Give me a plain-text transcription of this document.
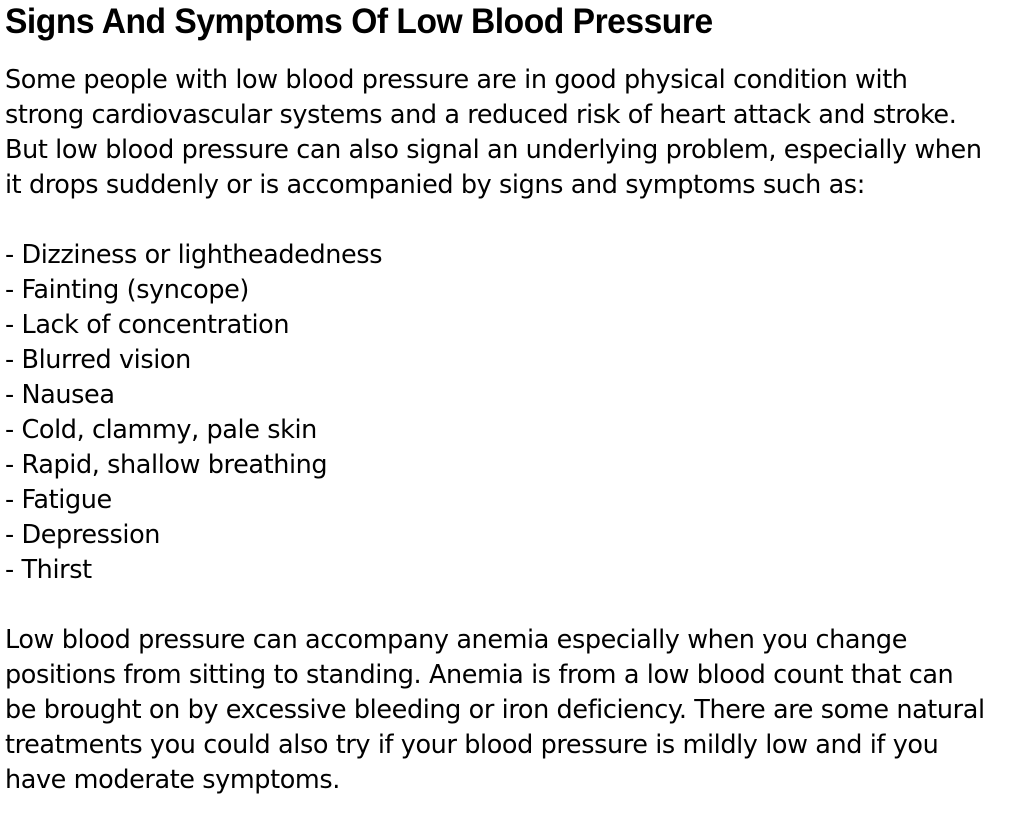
Signs And Symptoms Of Low Blood Pressure

Some people with low blood pressure are in good physical condition with
strong cardiovascular systems and a reduced risk of heart attack and stroke.
But low blood pressure can also signal an underlying problem, especially when
it drops suddenly or is accompanied by signs and symptoms such as:

- Dizziness or lightheadedness
- Fainting (syncope)
- Lack of concentration
- Blurred vision
- Nausea
- Cold, clammy, pale skin
- Rapid, shallow breathing
- Fatigue
- Depression
- Thirst

Low blood pressure can accompany anemia especially when you change
positions from sitting to standing. Anemia is from a low blood count that can
be brought on by excessive bleeding or iron deficiency. There are some natural
treatments you could also try if your blood pressure is mildly low and if you
have moderate symptoms.
